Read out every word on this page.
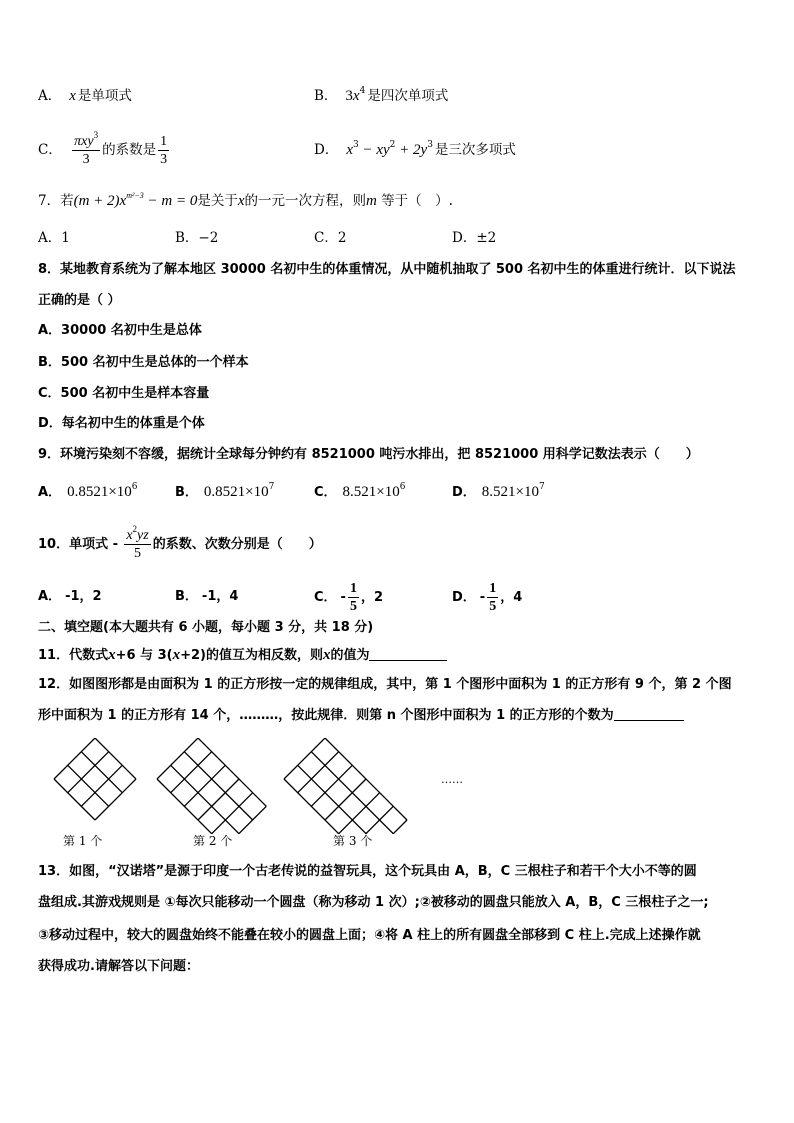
A． x 是单项式	B． $3x^4$ 是四次单项式
C． $\frac{\pi xy^3}{3}$ 的系数是 $\frac{1}{3}$	D． $x^3 - xy^2 + 2y^3$ 是三次多项式
7．若$(m + 2)x^{m^2-3} - m = 0$是关于x的一元一次方程，则m 等于（　）.
A．1	B．−2	C．2	D．±2
8．某地教育系统为了解本地区 30000 名初中生的体重情况，从中随机抽取了 500 名初中生的体重进行统计．以下说法
正确的是（ ）
A．30000 名初中生是总体
B．500 名初中生是总体的一个样本
C．500 名初中生是样本容量
D．每名初中生的体重是个体
9．环境污染刻不容缓，据统计全球每分钟约有 8521000 吨污水排出，把 8521000 用科学记数法表示（　　）
A． $0.8521\times 10^6$	B． $0.8521\times 10^7$	C． $8.521\times 10^6$	D． $8.521\times 10^7$
10．单项式 - $\frac{x^2yz}{5}$ 的系数、次数分别是（　　）
A． -1，2	B． -1，4	C． - $\frac{1}{5}$ ，2	D． - $\frac{1}{5}$ ，4
二、填空题(本大题共有 6 小题，每小题 3 分，共 18 分)
11．代数式x+6 与 3(x+2)的值互为相反数，则x的值为
12．如图图形都是由面积为 1 的正方形按一定的规律组成，其中，第 1 个图形中面积为 1 的正方形有 9 个，第 2 个图
形中面积为 1 的正方形有 14 个，………，按此规律．则第 n 个图形中面积为 1 的正方形的个数为
……
第 1 个	第 2 个	第 3 个
13．如图，“汉诺塔”是源于印度一个古老传说的益智玩具，这个玩具由 A，B，C 三根柱子和若干个大小不等的圆
盘组成.其游戏规则是 ①每次只能移动一个圆盘（称为移动 1 次）;②被移动的圆盘只能放入 A，B，C 三根柱子之一;
③移动过程中，较大的圆盘始终不能叠在较小的圆盘上面；④将 A 柱上的所有圆盘全部移到 C 柱上.完成上述操作就
获得成功.请解答以下问题：
